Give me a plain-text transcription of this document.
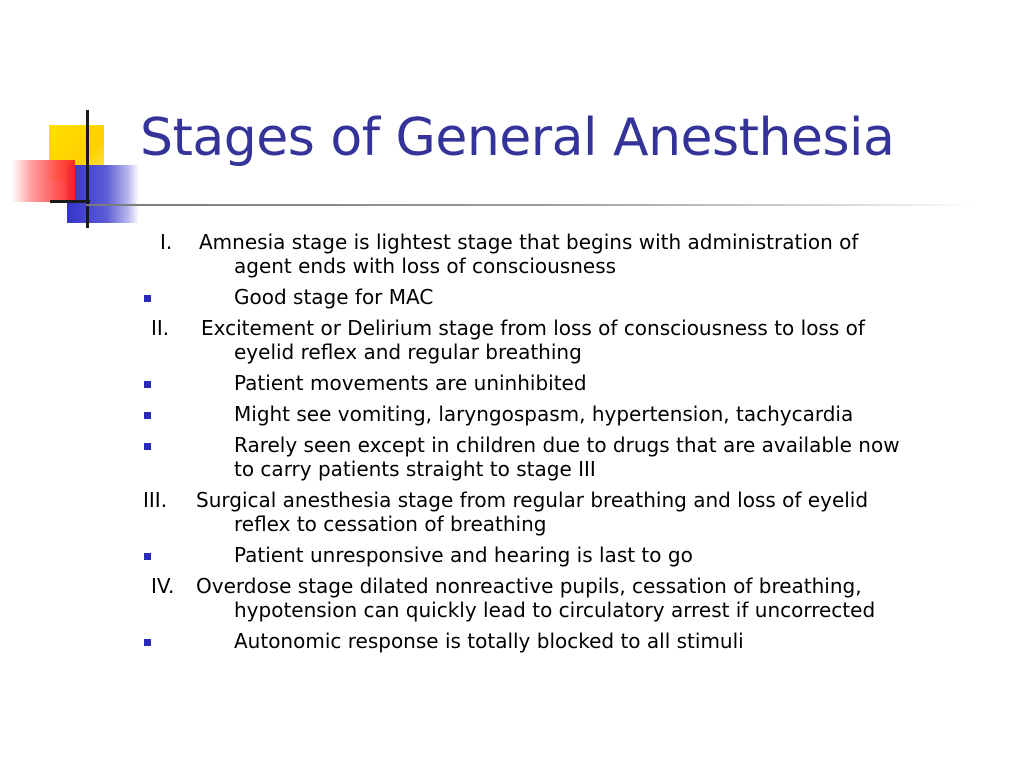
Stages of General Anesthesia
I. Amnesia stage is lightest stage that begins with administration of
agent ends with loss of consciousness
Good stage for MAC
II. Excitement or Delirium stage from loss of consciousness to loss of
eyelid reflex and regular breathing
Patient movements are uninhibited
Might see vomiting, laryngospasm, hypertension, tachycardia
Rarely seen except in children due to drugs that are available now
to carry patients straight to stage III
III. Surgical anesthesia stage from regular breathing and loss of eyelid
reflex to cessation of breathing
Patient unresponsive and hearing is last to go
IV. Overdose stage dilated nonreactive pupils, cessation of breathing,
hypotension can quickly lead to circulatory arrest if uncorrected
Autonomic response is totally blocked to all stimuli
